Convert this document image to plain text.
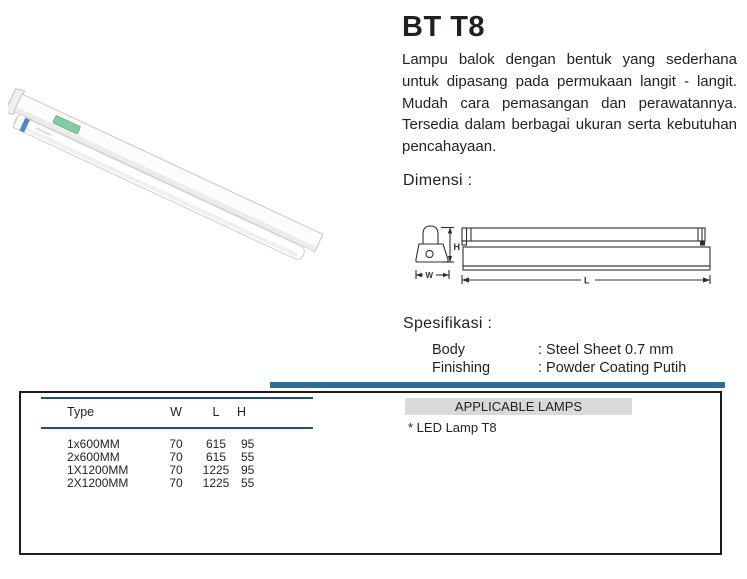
BT T8
Lampu balok dengan bentuk yang sederhana untuk dipasang pada permukaan langit - langit. Mudah cara pemasangan dan perawatannya. Tersedia dalam berbagai ukuran serta kebutuhan pencahayaan.
Dimensi :
H
W	L
Spesifikasi :
Body	: Steel Sheet 0.7 mm
Finishing	: Powder Coating Putih
Type	W	L	H
1x600MM	70	615	95
2x600MM	70	615	55
1X1200MM	70	1225	95
2X1200MM	70	1225	55
APPLICABLE LAMPS
* LED Lamp T8
